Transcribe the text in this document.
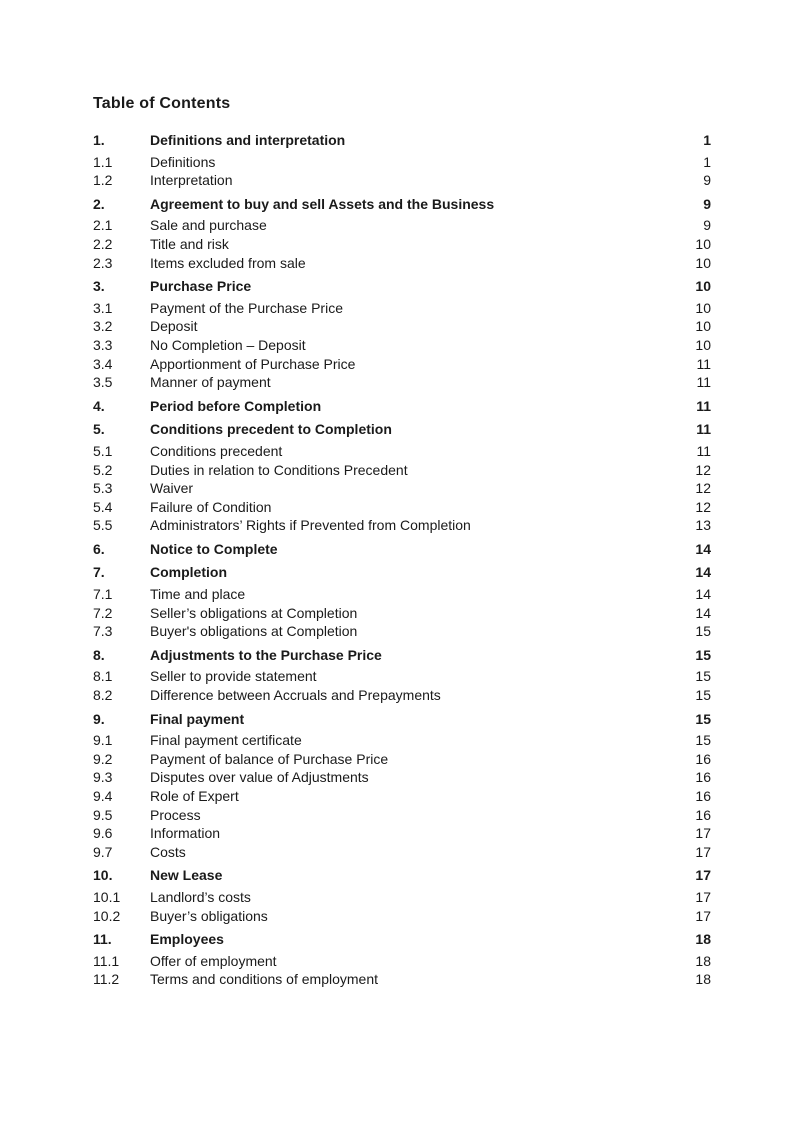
Table of Contents
1.	Definitions and interpretation	1
1.1	Definitions	1
1.2	Interpretation	9
2.	Agreement to buy and sell Assets and the Business	9
2.1	Sale and purchase	9
2.2	Title and risk	10
2.3	Items excluded from sale	10
3.	Purchase Price	10
3.1	Payment of the Purchase Price	10
3.2	Deposit	10
3.3	No Completion – Deposit	10
3.4	Apportionment of Purchase Price	11
3.5	Manner of payment	11
4.	Period before Completion	11
5.	Conditions precedent to Completion	11
5.1	Conditions precedent	11
5.2	Duties in relation to Conditions Precedent	12
5.3	Waiver	12
5.4	Failure of Condition	12
5.5	Administrators’ Rights if Prevented from Completion	13
6.	Notice to Complete	14
7.	Completion	14
7.1	Time and place	14
7.2	Seller’s obligations at Completion	14
7.3	Buyer's obligations at Completion	15
8.	Adjustments to the Purchase Price	15
8.1	Seller to provide statement	15
8.2	Difference between Accruals and Prepayments	15
9.	Final payment	15
9.1	Final payment certificate	15
9.2	Payment of balance of Purchase Price	16
9.3	Disputes over value of Adjustments	16
9.4	Role of Expert	16
9.5	Process	16
9.6	Information	17
9.7	Costs	17
10.	New Lease	17
10.1	Landlord’s costs	17
10.2	Buyer’s obligations	17
11.	Employees	18
11.1	Offer of employment	18
11.2	Terms and conditions of employment	18
